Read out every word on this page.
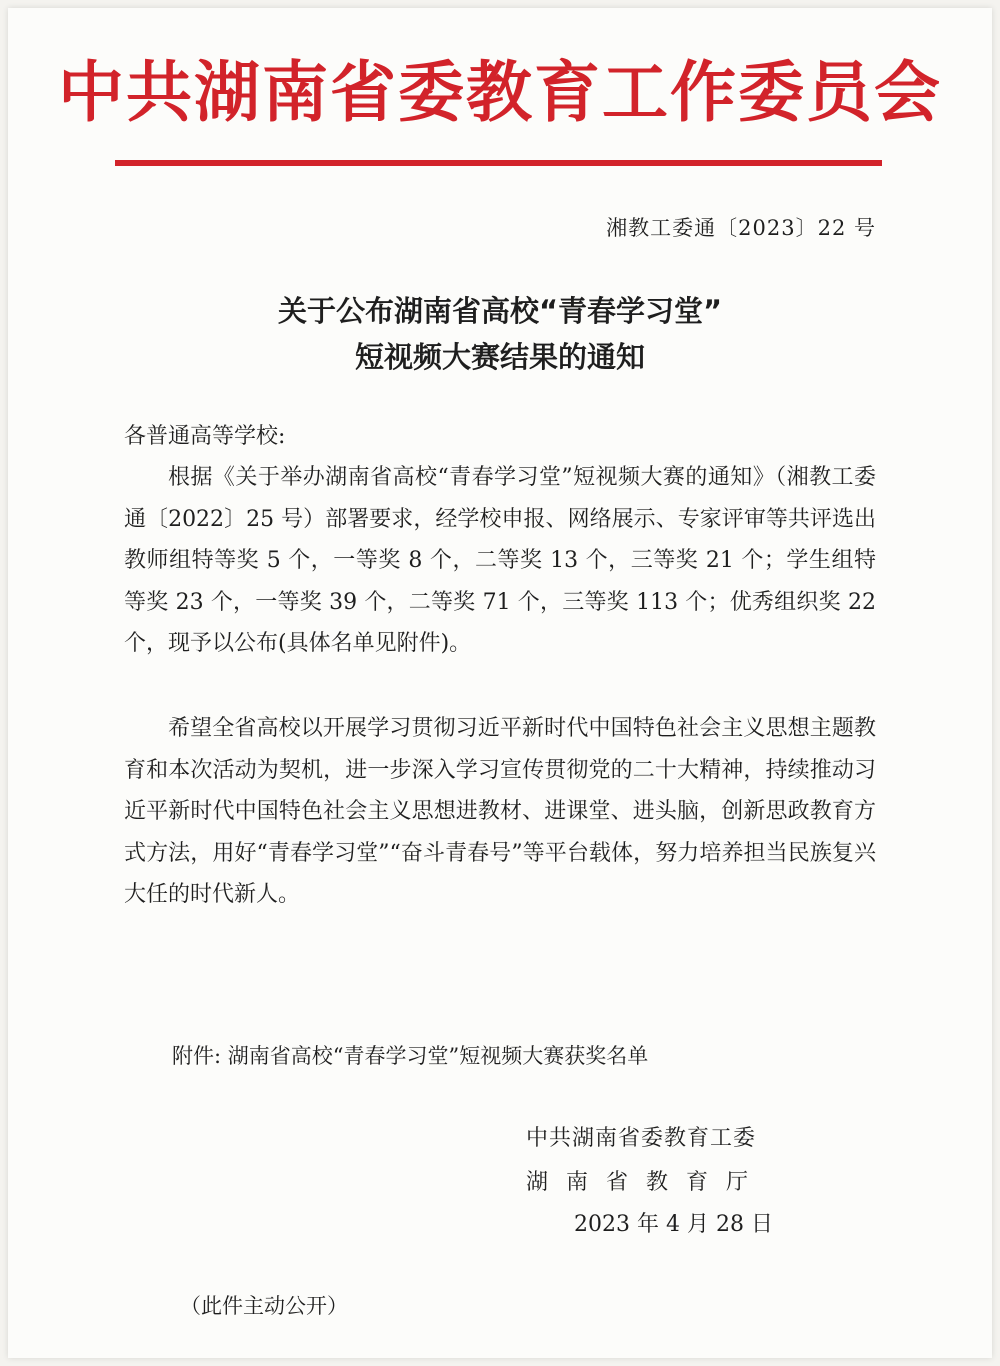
中共湖南省委教育工作委员会
湘教工委通〔2023〕22 号
关于公布湖南省高校“青春学习堂”
短视频大赛结果的通知
各普通高等学校:

根据《关于举办湖南省高校“青春学习堂”短视频大赛的通知》（湘教工委通〔2022〕25 号）部署要求，经学校申报、网络展示、专家评审等共评选出教师组特等奖 5 个，一等奖 8 个，二等奖 13 个，三等奖 21 个；学生组特等奖 23 个，一等奖 39 个，二等奖 71 个，三等奖 113 个；优秀组织奖 22 个，现予以公布(具体名单见附件)。

希望全省高校以开展学习贯彻习近平新时代中国特色社会主义思想主题教育和本次活动为契机，进一步深入学习宣传贯彻党的二十大精神，持续推动习近平新时代中国特色社会主义思想进教材、进课堂、进头脑，创新思政教育方式方法，用好“青春学习堂”“奋斗青春号”等平台载体，努力培养担当民族复兴大任的时代新人。

附件: 湖南省高校“青春学习堂”短视频大赛获奖名单
中共湖南省委教育工委
湖南省教育厅
2023 年 4 月 28 日
（此件主动公开）
